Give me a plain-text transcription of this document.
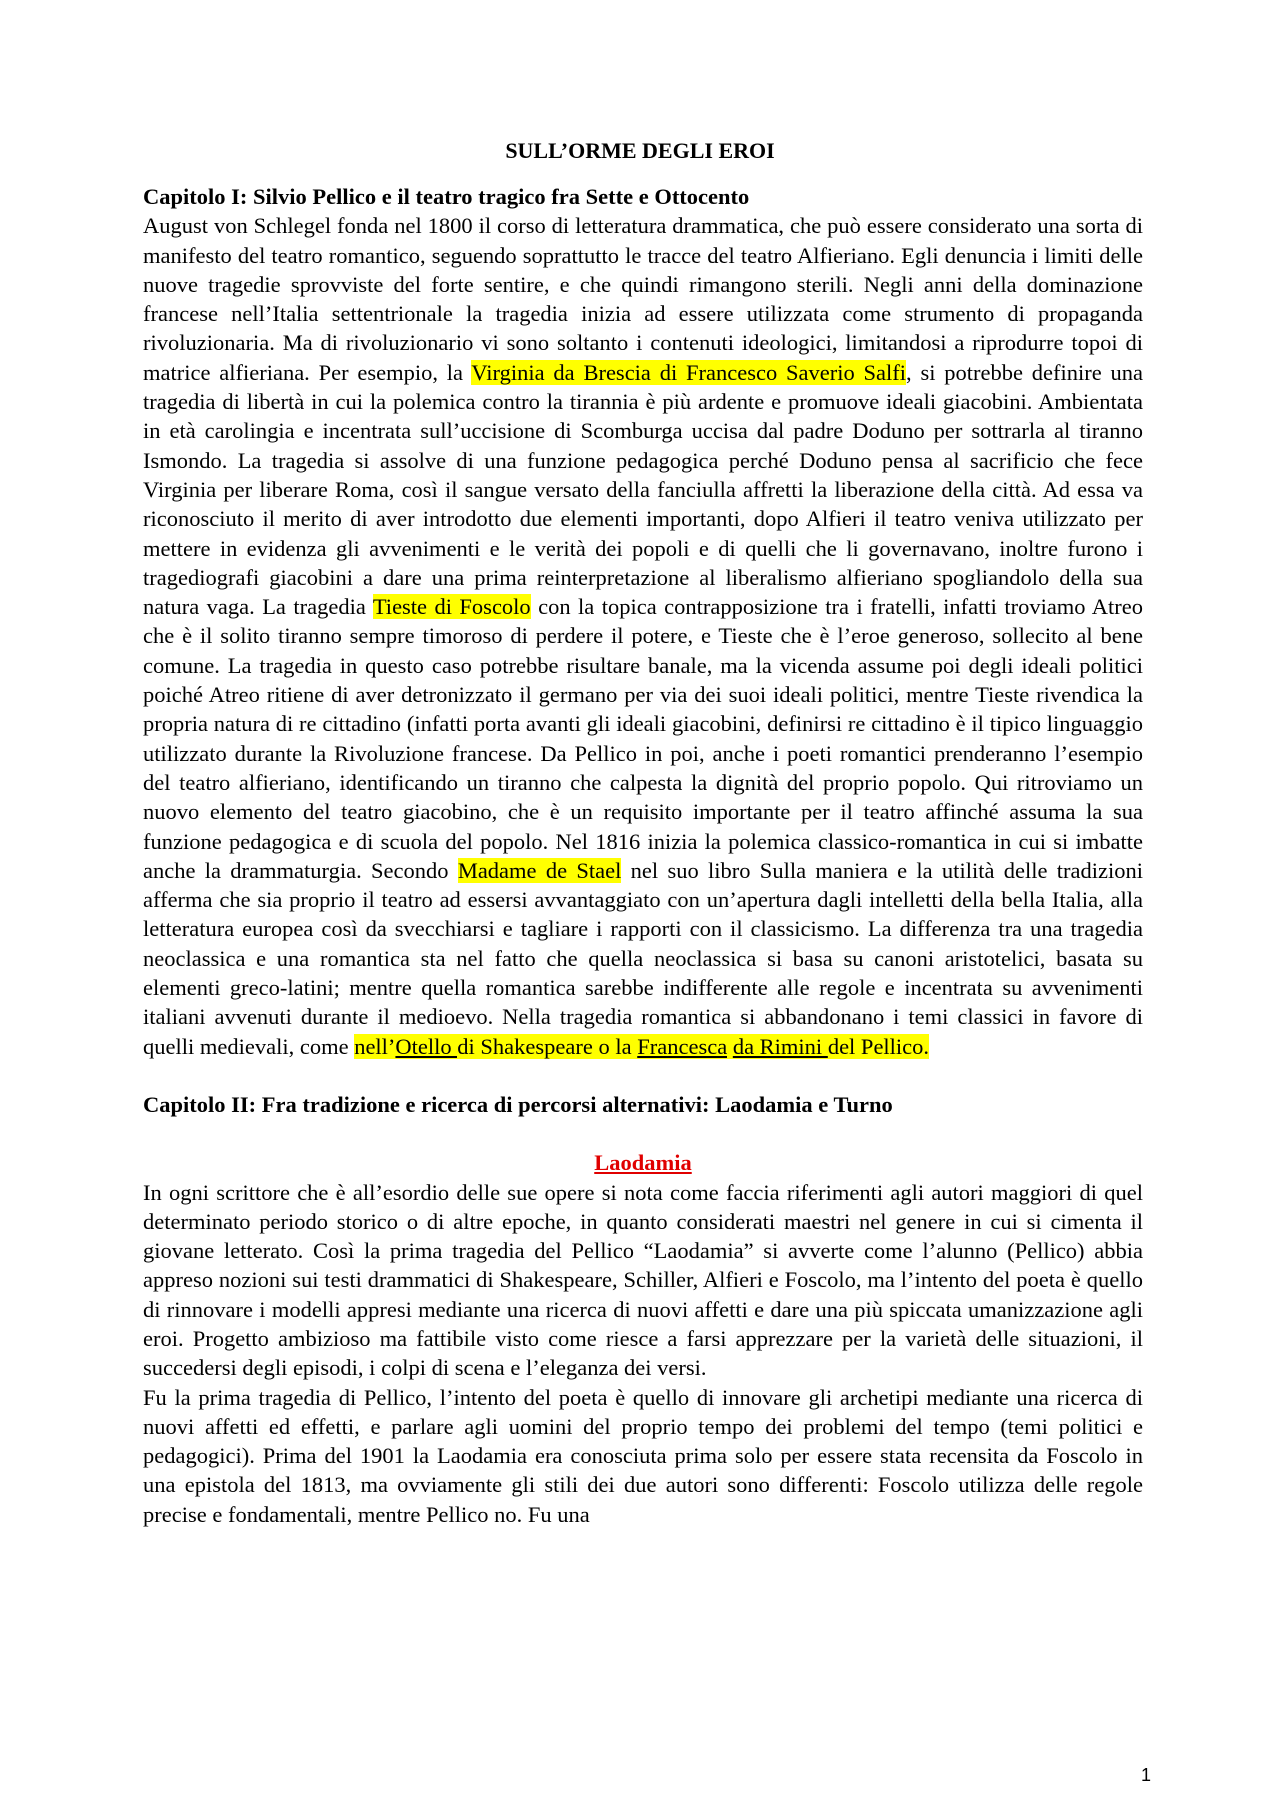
SULL’ORME DEGLI EROI

Capitolo I: Silvio Pellico e il teatro tragico fra Sette e Ottocento

August von Schlegel fonda nel 1800 il corso di letteratura drammatica, che può essere considerato una sorta di manifesto del teatro romantico, seguendo soprattutto le tracce del teatro Alfieriano. Egli denuncia i limiti delle nuove tragedie sprovviste del forte sentire, e che quindi rimangono sterili. Negli anni della dominazione francese nell’Italia settentrionale la tragedia inizia ad essere utilizzata come strumento di propaganda rivoluzionaria. Ma di rivoluzionario vi sono soltanto i contenuti ideologici, limitandosi a riprodurre topoi di matrice alfieriana. Per esempio, la Virginia da Brescia di Francesco Saverio Salfi, si potrebbe definire una tragedia di libertà in cui la polemica contro la tirannia è più ardente e promuove ideali giacobini. Ambientata in età carolingia e incentrata sull’uccisione di Scomburga uccisa dal padre Doduno per sottrarla al tiranno Ismondo. La tragedia si assolve di una funzione pedagogica perché Doduno pensa al sacrificio che fece Virginia per liberare Roma, così il sangue versato della fanciulla affretti la liberazione della città. Ad essa va riconosciuto il merito di aver introdotto due elementi importanti, dopo Alfieri il teatro veniva utilizzato per mettere in evidenza gli avvenimenti e le verità dei popoli e di quelli che li governavano, inoltre furono i tragediografi giacobini a dare una prima reinterpretazione al liberalismo alfieriano spogliandolo della sua natura vaga. La tragedia Tieste di Foscolo con la topica contrapposizione tra i fratelli, infatti troviamo Atreo che è il solito tiranno sempre timoroso di perdere il potere, e Tieste che è l’eroe generoso, sollecito al bene comune. La tragedia in questo caso potrebbe risultare banale, ma la vicenda assume poi degli ideali politici poiché Atreo ritiene di aver detronizzato il germano per via dei suoi ideali politici, mentre Tieste rivendica la propria natura di re cittadino (infatti porta avanti gli ideali giacobini, definirsi re cittadino è il tipico linguaggio utilizzato durante la Rivoluzione francese. Da Pellico in poi, anche i poeti romantici prenderanno l’esempio del teatro alfieriano, identificando un tiranno che calpesta la dignità del proprio popolo. Qui ritroviamo un nuovo elemento del teatro giacobino, che è un requisito importante per il teatro affinché assuma la sua funzione pedagogica e di scuola del popolo. Nel 1816 inizia la polemica classico-romantica in cui si imbatte anche la drammaturgia. Secondo Madame de Stael nel suo libro Sulla maniera e la utilità delle tradizioni afferma che sia proprio il teatro ad essersi avvantaggiato con un’apertura dagli intelletti della bella Italia, alla letteratura europea così da svecchiarsi e tagliare i rapporti con il classicismo. La differenza tra una tragedia neoclassica e una romantica sta nel fatto che quella neoclassica si basa su canoni aristotelici, basata su elementi greco-latini; mentre quella romantica sarebbe indifferente alle regole e incentrata su avvenimenti italiani avvenuti durante il medioevo. Nella tragedia romantica si abbandonano i temi classici in favore di quelli medievali, come nell’Otello di Shakespeare o la Francesca da Rimini del Pellico.

Capitolo II: Fra tradizione e ricerca di percorsi alternativi: Laodamia e Turno

Laodamia

In ogni scrittore che è all’esordio delle sue opere si nota come faccia riferimenti agli autori maggiori di quel determinato periodo storico o di altre epoche, in quanto considerati maestri nel genere in cui si cimenta il giovane letterato. Così la prima tragedia del Pellico “Laodamia” si avverte come l’alunno (Pellico) abbia appreso nozioni sui testi drammatici di Shakespeare, Schiller, Alfieri e Foscolo, ma l’intento del poeta è quello di rinnovare i modelli appresi mediante una ricerca di nuovi affetti e dare una più spiccata umanizzazione agli eroi. Progetto ambizioso ma fattibile visto come riesce a farsi apprezzare per la varietà delle situazioni, il succedersi degli episodi, i colpi di scena e l’eleganza dei versi.

Fu la prima tragedia di Pellico, l’intento del poeta è quello di innovare gli archetipi mediante una ricerca di nuovi affetti ed effetti, e parlare agli uomini del proprio tempo dei problemi del tempo (temi politici e pedagogici). Prima del 1901 la Laodamia era conosciuta prima solo per essere stata recensita da Foscolo in una epistola del 1813, ma ovviamente gli stili dei due autori sono differenti: Foscolo utilizza delle regole precise e fondamentali, mentre Pellico no. Fu una

1
